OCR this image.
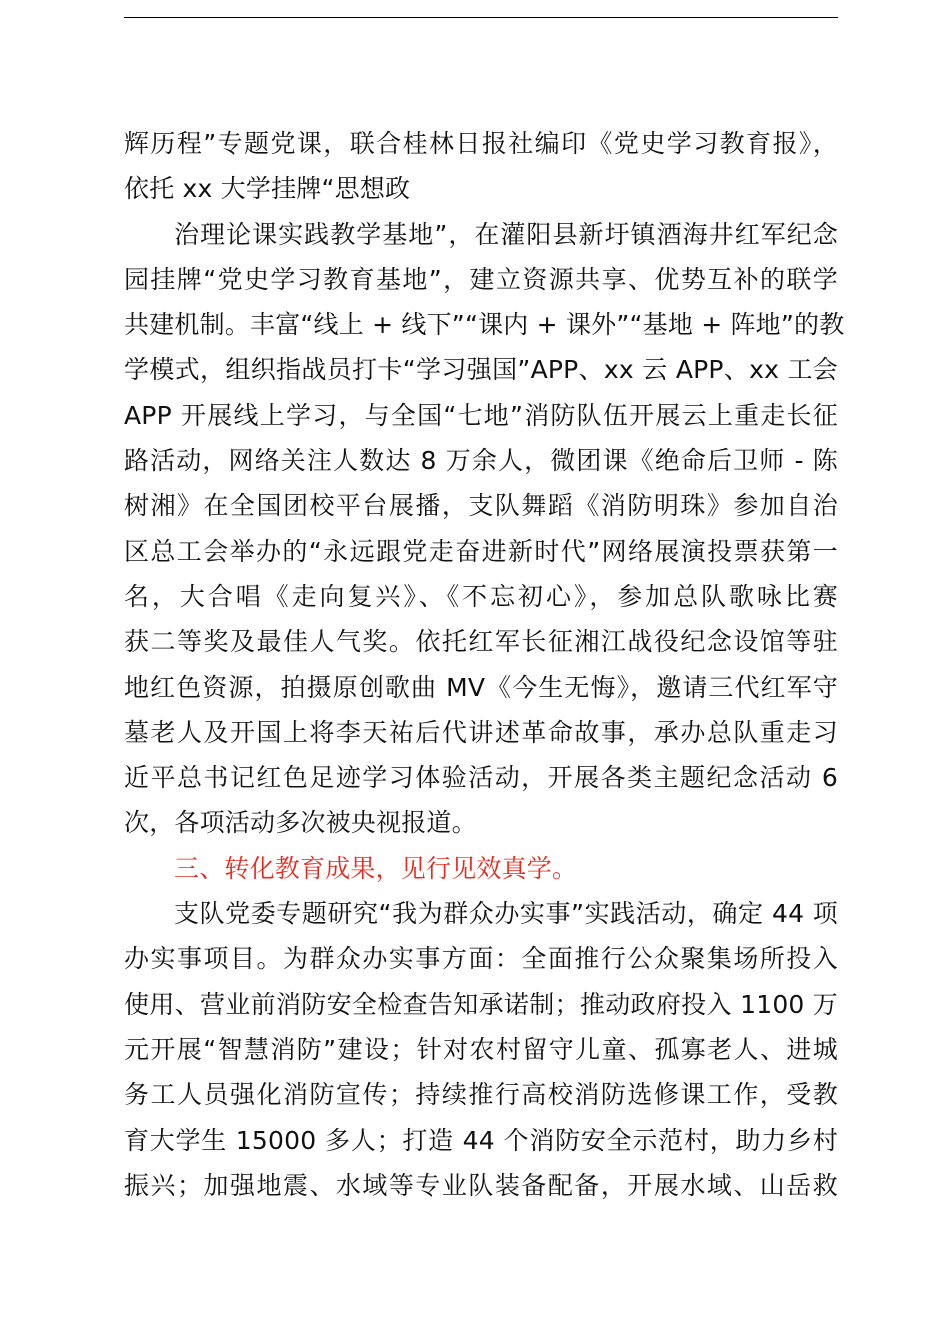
辉历程”专题党课，联合桂林日报社编印《党史学习教育报》，
依托 xx 大学挂牌“思想政
治理论课实践教学基地”，在灌阳县新圩镇酒海井红军纪念
园挂牌“党史学习教育基地”，建立资源共享、优势互补的联学
共建机制。丰富“线上 + 线下”“课内 + 课外”“基地 + 阵地”的教
学模式，组织指战员打卡“学习强国”APP、xx 云 APP、xx 工会
APP 开展线上学习，与全国“七地”消防队伍开展云上重走长征
路活动，网络关注人数达 8 万余人，微团课《绝命后卫师 - 陈
树湘》在全国团校平台展播，支队舞蹈《消防明珠》参加自治
区总工会举办的“永远跟党走奋进新时代”网络展演投票获第一
名，大合唱《走向复兴》、《不忘初心》，参加总队歌咏比赛
获二等奖及最佳人气奖。依托红军长征湘江战役纪念设馆等驻
地红色资源，拍摄原创歌曲 MV《今生无悔》，邀请三代红军守
墓老人及开国上将李天祐后代讲述革命故事，承办总队重走习
近平总书记红色足迹学习体验活动，开展各类主题纪念活动 6
次，各项活动多次被央视报道。
三、转化教育成果，见行见效真学。
支队党委专题研究“我为群众办实事”实践活动，确定 44 项
办实事项目。为群众办实事方面：全面推行公众聚集场所投入
使用、营业前消防安全检查告知承诺制；推动政府投入 1100 万
元开展“智慧消防”建设；针对农村留守儿童、孤寡老人、进城
务工人员强化消防宣传；持续推行高校消防选修课工作，受教
育大学生 15000 多人；打造 44 个消防安全示范村，助力乡村
振兴；加强地震、水域等专业队装备配备，开展水域、山岳救
